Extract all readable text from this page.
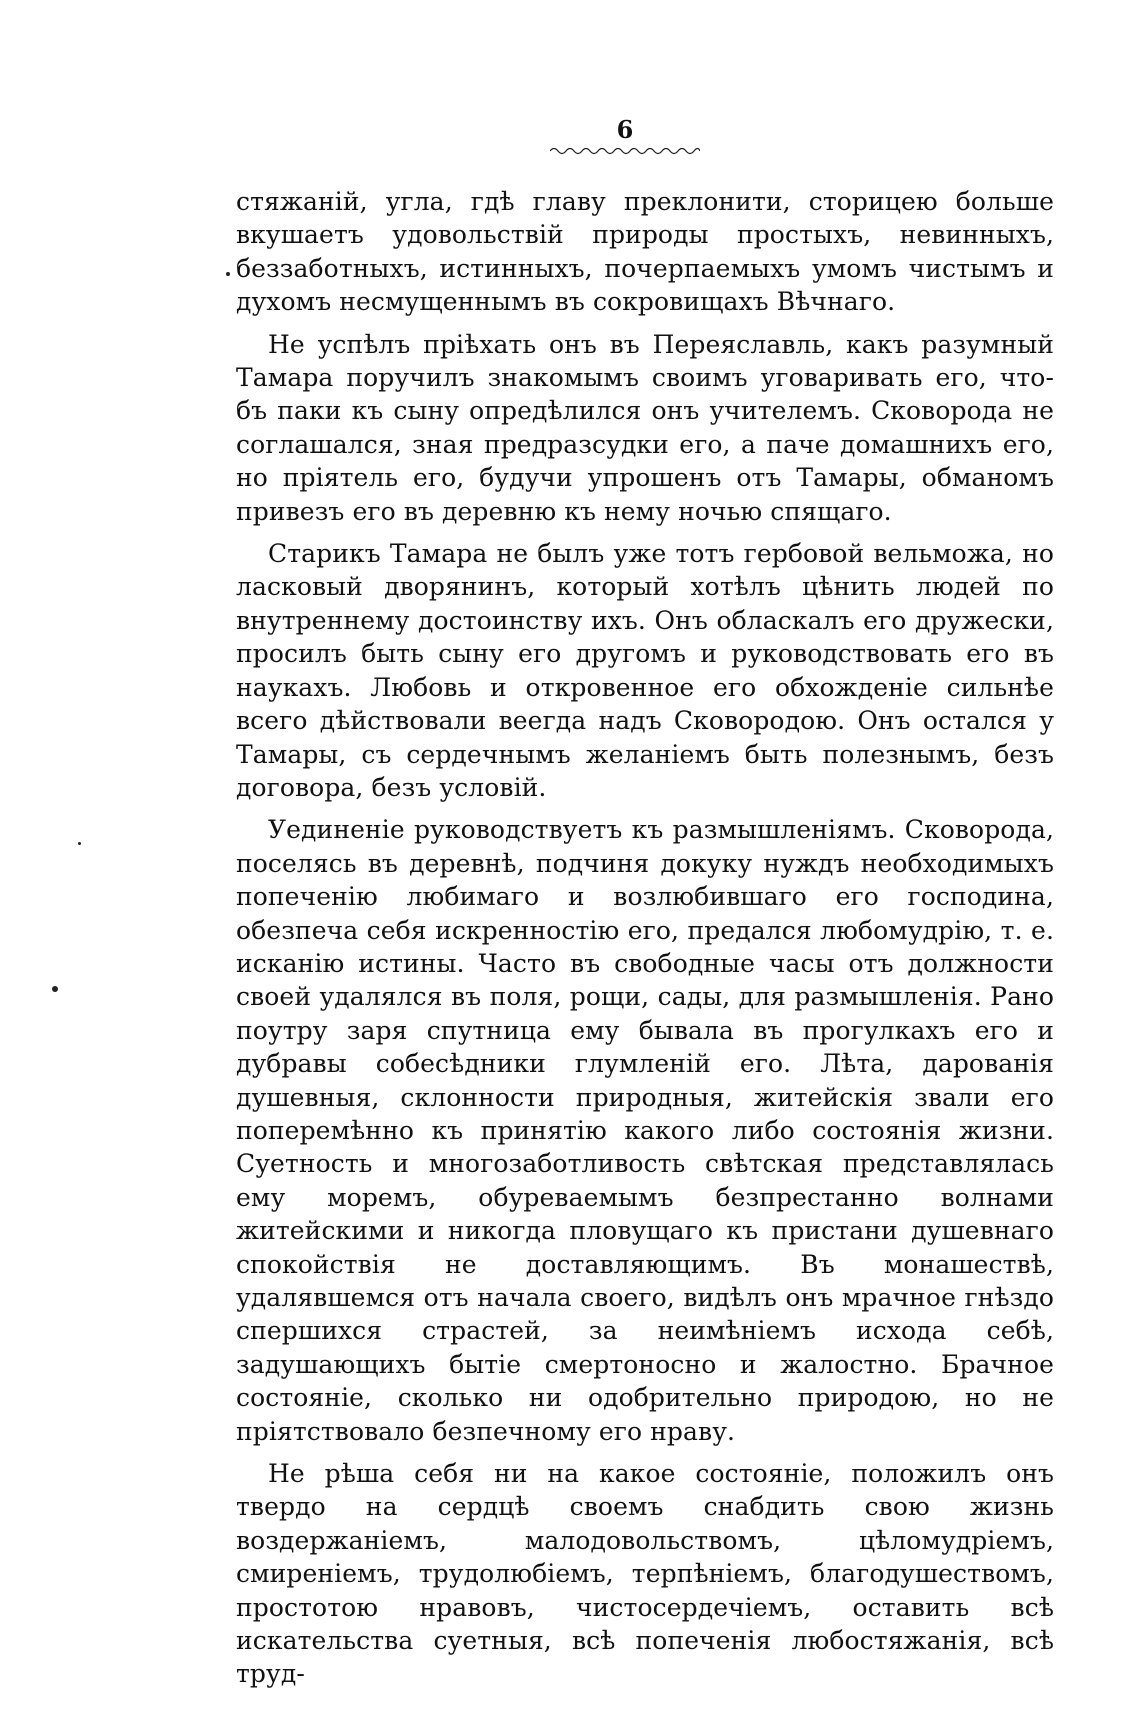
6

стяжаній, угла, гдѣ главу преклонити, сторицею больше вкушаетъ удовольствій природы простыхъ, невинныхъ, беззаботныхъ, истинныхъ, почерпаемыхъ умомъ чистымъ и духомъ несмущеннымъ въ сокровищахъ Вѣчнаго.

Не успѣлъ пріѣхать онъ въ Переяславль, какъ разумный Тамара поручилъ знакомымъ своимъ уговаривать его, что-бъ паки къ сыну опредѣлился онъ учителемъ. Сковорода не соглашался, зная предразсудки его, а паче домашнихъ его, но пріятель его, будучи упрошенъ отъ Тамары, обманомъ привезъ его въ деревню къ нему ночью спящаго.

Старикъ Тамара не былъ уже тотъ гербовой вельможа, но ласковый дворянинъ, который хотѣлъ цѣнить людей по внутреннему достоинству ихъ. Онъ обласкалъ его дружески, просилъ быть сыну его другомъ и руководствовать его въ наукахъ. Любовь и откровенное его обхожденіе сильнѣе всего дѣйствовали веегда надъ Сковородою. Онъ остался у Тамары, съ сердечнымъ желаніемъ быть полезнымъ, безъ договора, безъ условій.

Уединеніе руководствуетъ къ размышленіямъ. Сковорода, поселясь въ деревнѣ, подчиня докуку нуждъ необходимыхъ попеченію любимаго и возлюбившаго его господина, обезпеча себя искренностію его, предался любомудрію, т. е. исканію истины. Часто въ свободные часы отъ должности своей удалялся въ поля, рощи, сады, для размышленія. Рано поутру заря спутница ему бывала въ прогулкахъ его и дубравы собесѣдники глумленій его. Лѣта, дарованія душевныя, склонности природныя, житейскія звали его поперемѣнно къ принятію какого либо состоянія жизни. Суетность и многозаботливость свѣтская представлялась ему моремъ, обуреваемымъ безпрестанно волнами житейскими и никогда пловущаго къ пристани душевнаго спокойствія не доставляющимъ. Въ монашествѣ, удалявшемся отъ начала своего, видѣлъ онъ мрачное гнѣздо спершихся страстей, за неимѣніемъ исхода себѣ, задушающихъ бытіе смертоносно и жалостно. Брачное состояніе, сколько ни одобрительно природою, но не пріятствовало безпечному его нраву.

Не рѣша себя ни на какое состояніе, положилъ онъ твердо на сердцѣ своемъ снабдить свою жизнь воздержаніемъ, малодовольствомъ, цѣломудріемъ, смиреніемъ, трудолюбіемъ, терпѣніемъ, благодушествомъ, простотою нравовъ, чистосердечіемъ, оставить всѣ искательства суетныя, всѣ попеченія любостяжанія, всѣ труд-
